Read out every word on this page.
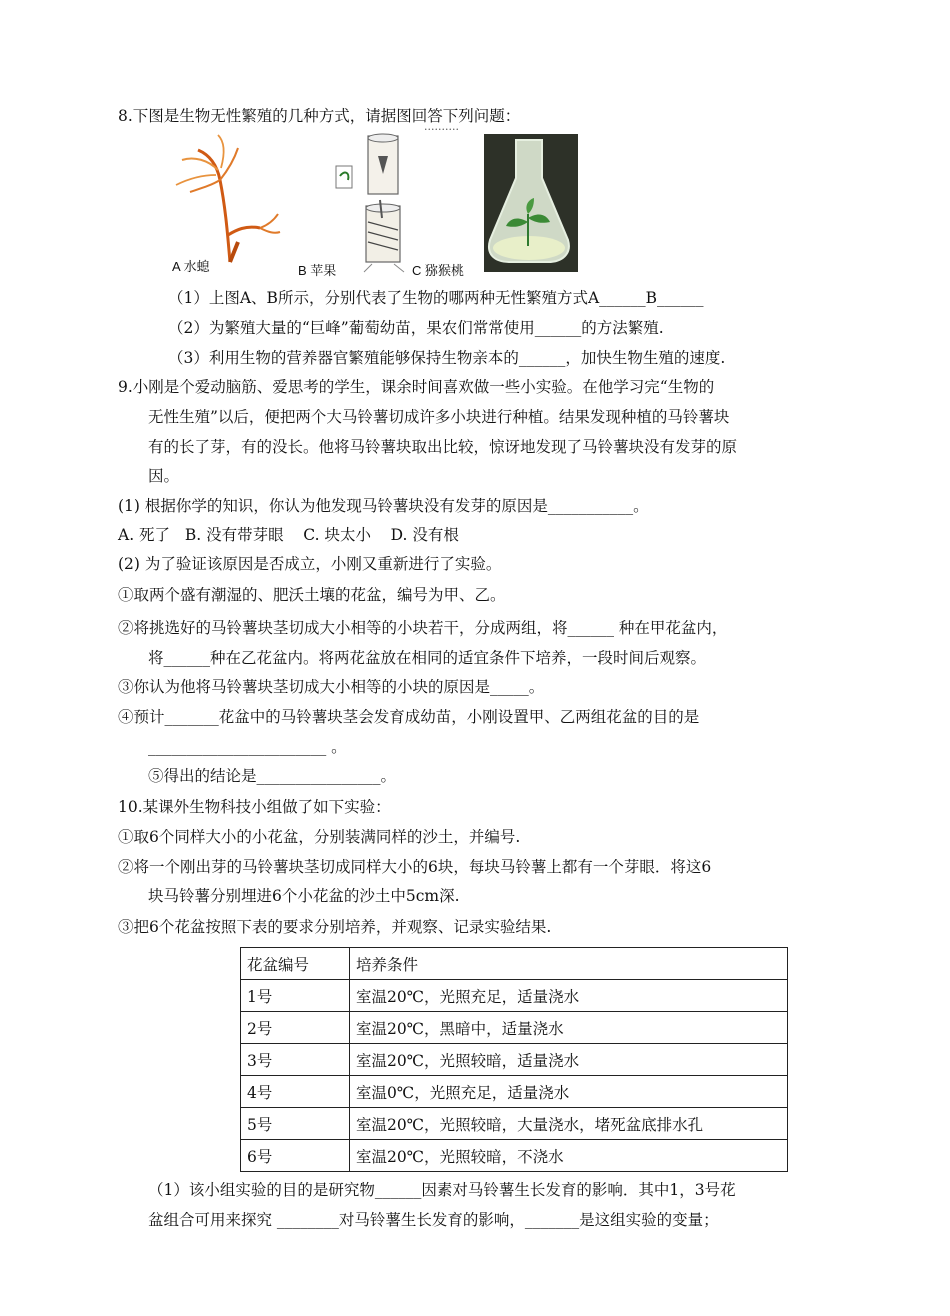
8.下图是生物无性繁殖的几种方式，请据图回答下列问题：
··········
A 水螅	B 苹果	C 猕猴桃
（1）上图A、B所示，分别代表了生物的哪两种无性繁殖方式A______B______
（2）为繁殖大量的“巨峰”葡萄幼苗，果农们常常使用______的方法繁殖.
（3）利用生物的营养器官繁殖能够保持生物亲本的______，加快生物生殖的速度.
9.小刚是个爱动脑筋、爱思考的学生，课余时间喜欢做一些小实验。在他学习完“生物的
无性生殖”以后，便把两个大马铃薯切成许多小块进行种植。结果发现种植的马铃薯块
有的长了芽，有的没长。他将马铃薯块取出比较，惊讶地发现了马铃薯块没有发芽的原
因。
(1) 根据你学的知识，你认为他发现马铃薯块没有发芽的原因是___________。
A. 死了   B. 没有带芽眼    C. 块太小    D. 没有根
(2) 为了验证该原因是否成立，小刚又重新进行了实验。
①取两个盛有潮湿的、肥沃土壤的花盆，编号为甲、乙。
②将挑选好的马铃薯块茎切成大小相等的小块若干，分成两组，将______ 种在甲花盆内，
将______种在乙花盆内。将两花盆放在相同的适宜条件下培养，一段时间后观察。
③你认为他将马铃薯块茎切成大小相等的小块的原因是_____。
④预计_______花盆中的马铃薯块茎会发育成幼苗，小刚设置甲、乙两组花盆的目的是
_______________________ 。
⑤得出的结论是________________。
10.某课外生物科技小组做了如下实验：
①取6个同样大小的小花盆，分别装满同样的沙土，并编号.
②将一个刚出芽的马铃薯块茎切成同样大小的6块，每块马铃薯上都有一个芽眼．将这6
块马铃薯分别埋进6个小花盆的沙土中5cm深.
③把6个花盆按照下表的要求分别培养，并观察、记录实验结果.
花盆编号	培养条件
1号	室温20℃，光照充足，适量浇水
2号	室温20℃，黑暗中，适量浇水
3号	室温20℃，光照较暗，适量浇水
4号	室温0℃，光照充足，适量浇水
5号	室温20℃，光照较暗，大量浇水，堵死盆底排水孔
6号	室温20℃，光照较暗，不浇水
（1）该小组实验的目的是研究物______因素对马铃薯生长发育的影响．其中1，3号花
盆组合可用来探究 ________对马铃薯生长发育的影响，_______是这组实验的变量；
